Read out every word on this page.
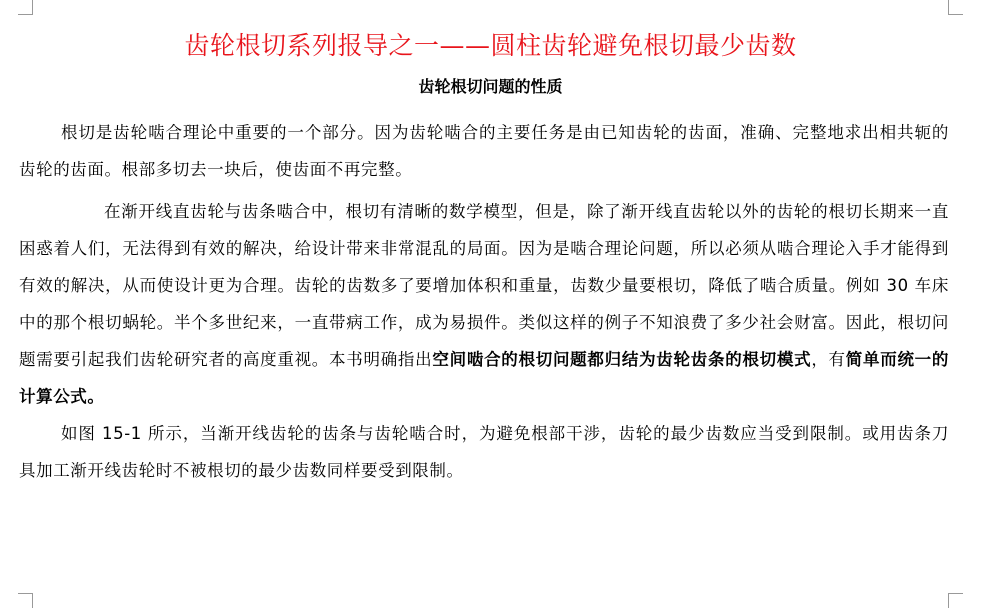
齿轮根切系列报导之一——圆柱齿轮避免根切最少齿数
齿轮根切问题的性质

根切是齿轮啮合理论中重要的一个部分。因为齿轮啮合的主要任务是由已知齿轮的齿面，准确、完整地求出相共轭的齿轮的齿面。根部多切去一块后，使齿面不再完整。

在渐开线直齿轮与齿条啮合中，根切有清晰的数学模型，但是，除了渐开线直齿轮以外的齿轮的根切长期来一直困惑着人们，无法得到有效的解决，给设计带来非常混乱的局面。因为是啮合理论问题，所以必须从啮合理论入手才能得到有效的解决，从而使设计更为合理。齿轮的齿数多了要增加体积和重量，齿数少量要根切，降低了啮合质量。例如 30 车床中的那个根切蜗轮。半个多世纪来，一直带病工作，成为易损件。类似这样的例子不知浪费了多少社会财富。因此，根切问题需要引起我们齿轮研究者的高度重视。本书明确指出空间啮合的根切问题都归结为齿轮齿条的根切模式，有简单而统一的计算公式。

如图 15-1 所示，当渐开线齿轮的齿条与齿轮啮合时，为避免根部干涉，齿轮的最少齿数应当受到限制。或用齿条刀具加工渐开线齿轮时不被根切的最少齿数同样要受到限制。
